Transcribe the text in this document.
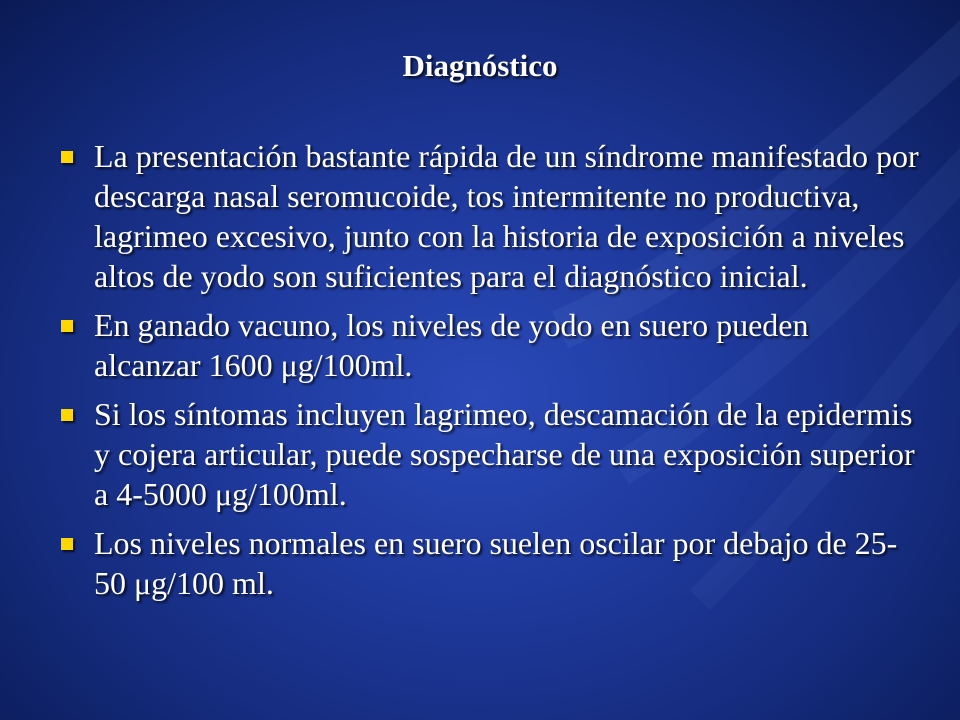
Diagnóstico
La presentación bastante rápida de un síndrome manifestado por descarga nasal seromucoide, tos intermitente no productiva, lagrimeo excesivo, junto con la historia de exposición a niveles altos de yodo son suficientes para el diagnóstico inicial.
En ganado vacuno, los niveles de yodo en suero pueden alcanzar 1600 μg/100ml.
Si los síntomas incluyen lagrimeo, descamación de la epidermis y cojera articular, puede sospecharse de una exposición superior a 4-5000 μg/100ml.
Los niveles normales en suero suelen oscilar por debajo de 25-50 μg/100 ml.
